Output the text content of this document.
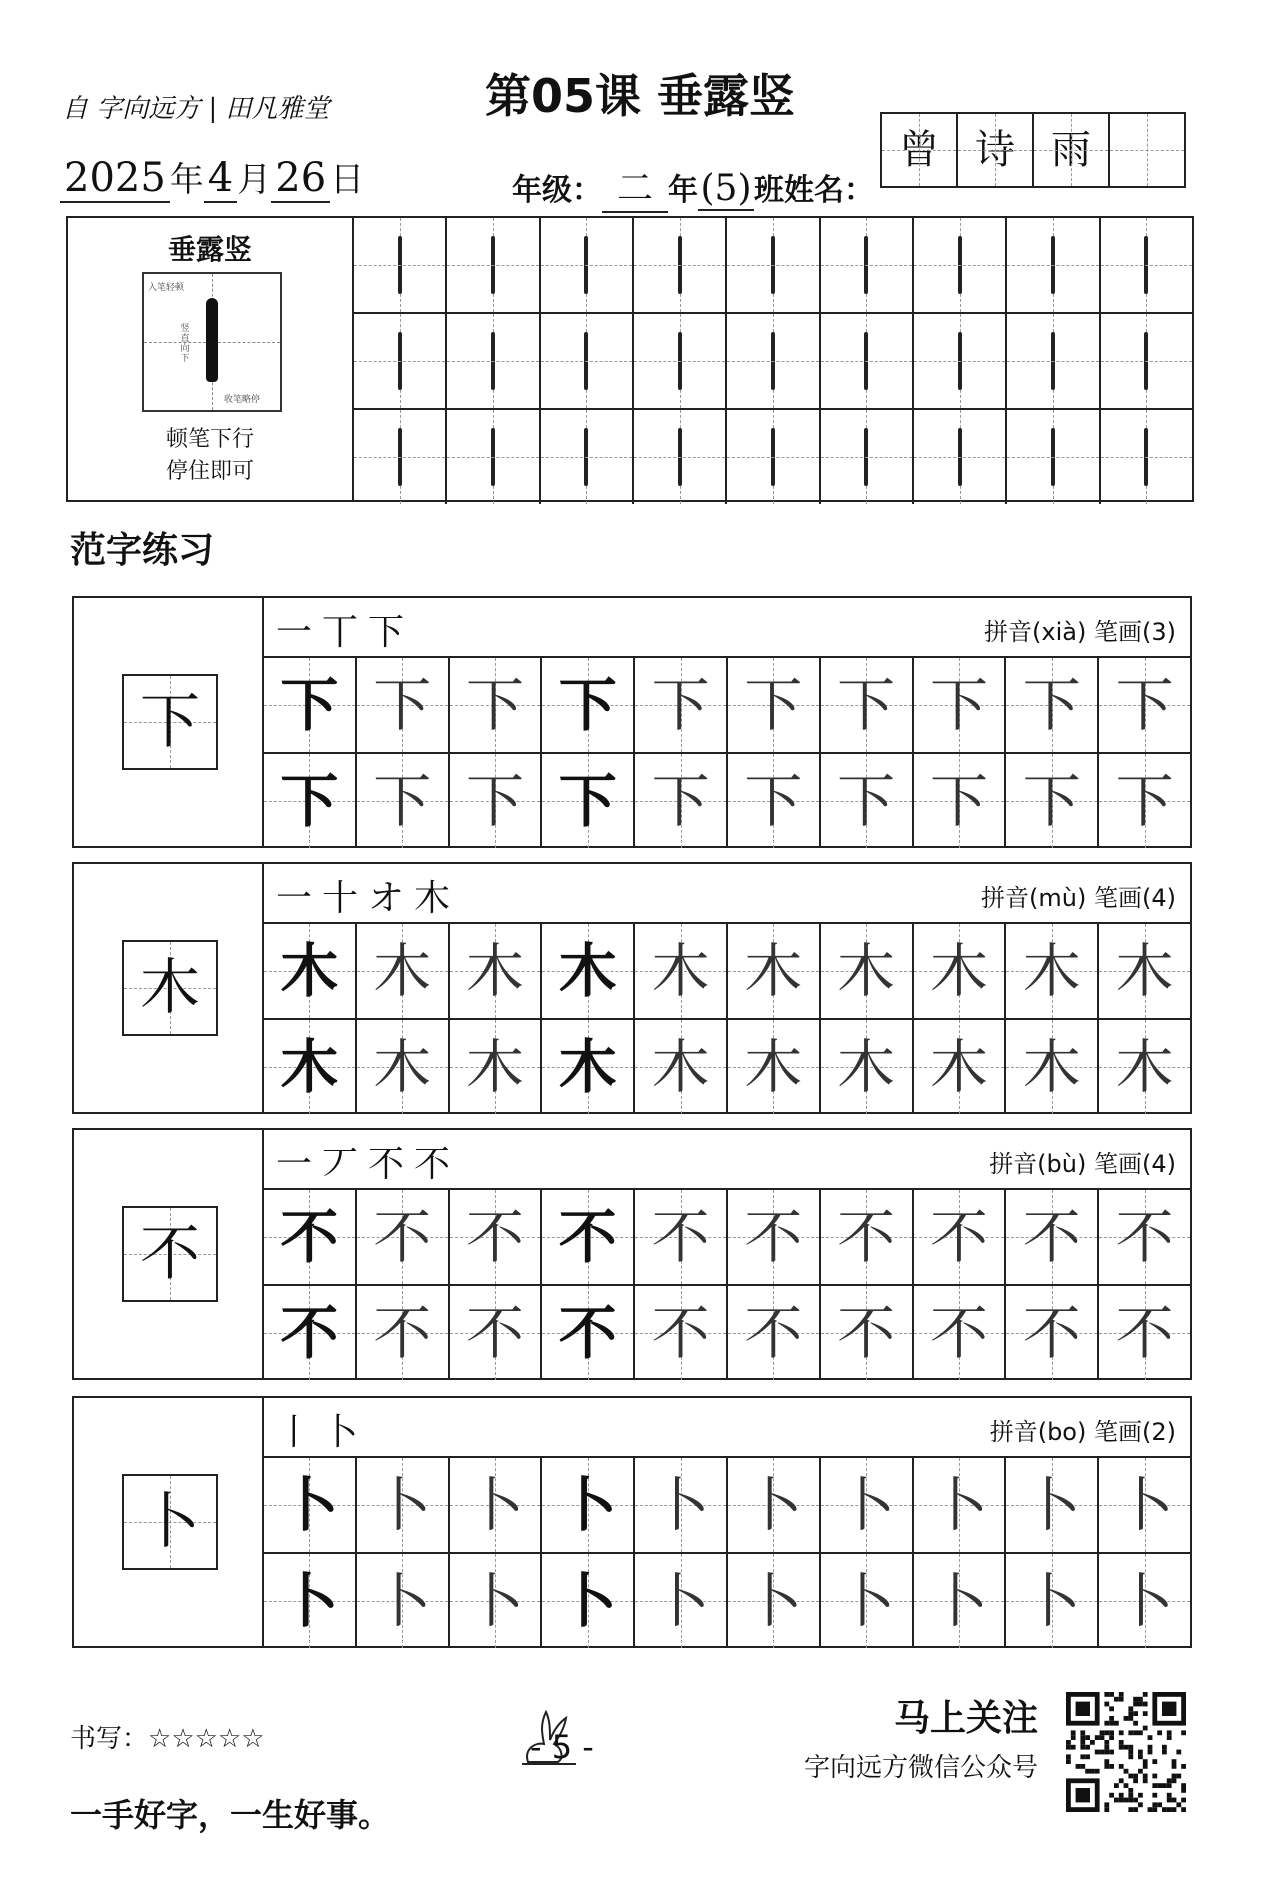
自 字向远方 | 田凡雅堂	第05课 垂露竖
2025 年 4 月 26 日	年级： 二 年(5)班姓名：
曾 诗 雨
垂露竖
入笔轻顿
竖直向下
收笔略停
顿笔下行
停住即可
范字练习
下
一丅下	拼音(xià) 笔画(3)
下 下 下 下 下 下 下 下 下 下
下 下 下 下 下 下 下 下 下 下
木
一十オ木	拼音(mù) 笔画(4)
木 木 木 木 木 木 木 木 木 木
木 木 木 木 木 木 木 木 木 木
不
一丆不不	拼音(bù) 笔画(4)
不 不 不 不 不 不 不 不 不 不
不 不 不 不 不 不 不 不 不 不
卜
丨卜	拼音(bo) 笔画(2)
卜 卜 卜 卜 卜 卜 卜 卜 卜 卜
卜 卜 卜 卜 卜 卜 卜 卜 卜 卜
书写：☆☆☆☆☆	- 5 -
马上关注
字向远方微信公众号
一手好字，一生好事。
